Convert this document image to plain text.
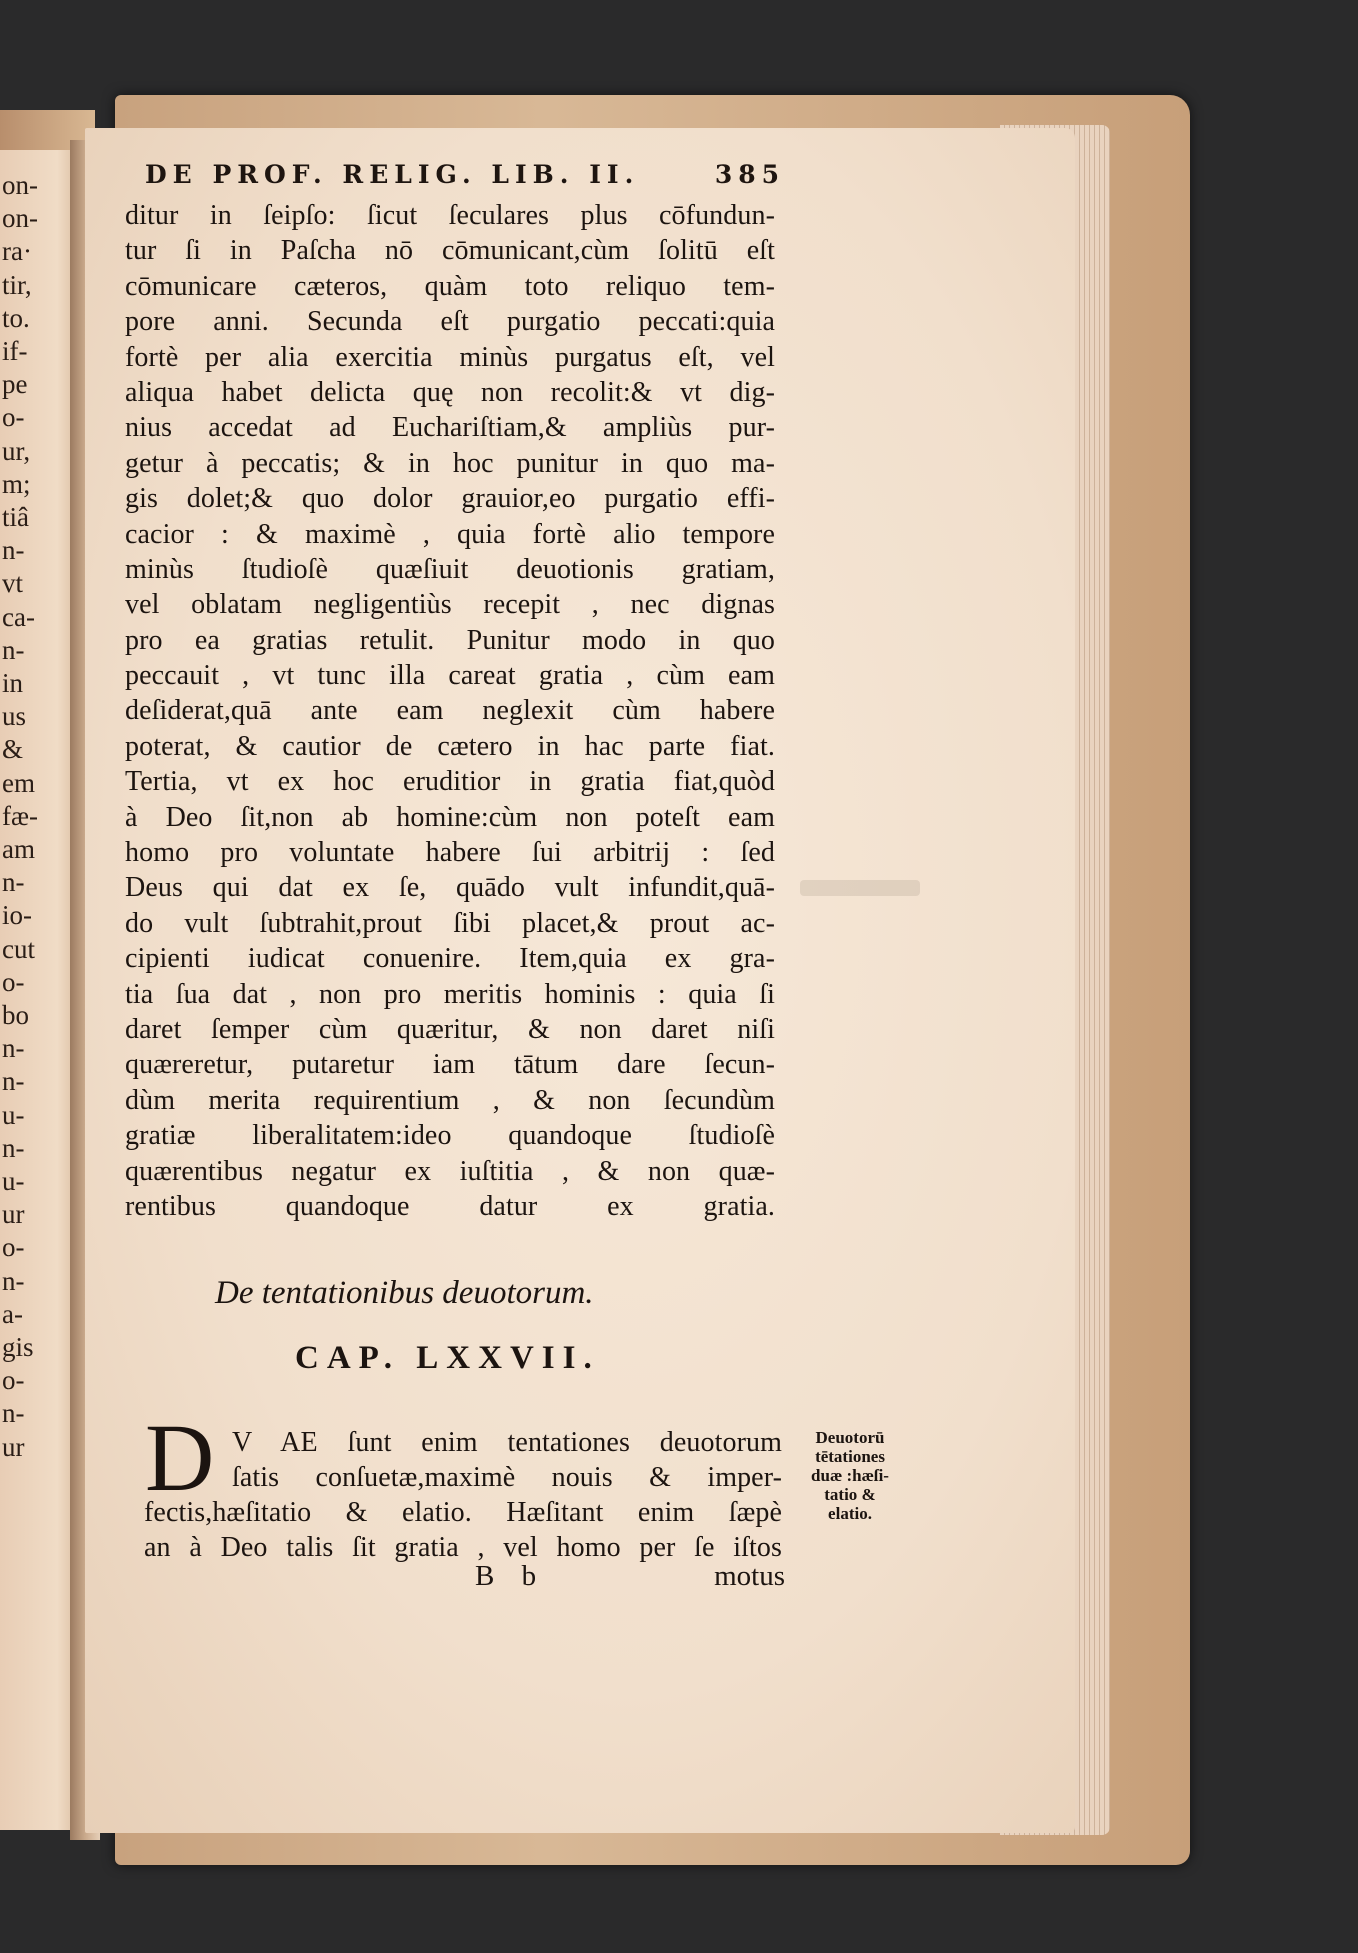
on-
on-
ra·
tir,
to.
if-
pe
o-
ur,
m;
tiâ
n-
vt
ca-
n-
in
us
&
em
fæ-
am
n-
io-
cut
o-
bo
n-
n-
u-
n-
u-
ur
o-
n-
a-
gis
o-
n-
ur
DE PROF. RELIG. LIB. II.	385
ditur in ſeipſo: ſicut ſeculares plus cōfundun-
tur ſi in Paſcha nō cōmunicant,cùm ſolitū eſt
cōmunicare cæteros, quàm toto reliquo tem-
pore anni. Secunda eſt purgatio peccati:quia
fortè per alia exercitia minùs purgatus eſt, vel
aliqua habet delicta quę non recolit:& vt dig-
nius accedat ad Euchariſtiam,& ampliùs pur-
getur à peccatis; & in hoc punitur in quo ma-
gis dolet;& quo dolor grauior,eo purgatio effi-
cacior : & maximè , quia fortè alio tempore
minùs ſtudioſè quæſiuit deuotionis gratiam,
vel oblatam negligentiùs recepit , nec dignas
pro ea gratias retulit. Punitur modo in quo
peccauit , vt tunc illa careat gratia , cùm eam
deſiderat,quā ante eam neglexit cùm habere
poterat, & cautior de cætero in hac parte fiat.
Tertia, vt ex hoc eruditior in gratia fiat,quòd
à Deo ſit,non ab homine:cùm non poteſt eam
homo pro voluntate habere ſui arbitrij : ſed
Deus qui dat ex ſe, quādo vult infundit,quā-
do vult ſubtrahit,prout ſibi placet,& prout ac-
cipienti iudicat conuenire. Item,quia ex gra-
tia ſua dat , non pro meritis hominis : quia ſi
daret ſemper cùm quæritur, & non daret niſi
quæreretur, putaretur iam tātum dare ſecun-
dùm merita requirentium , & non ſecundùm
gratiæ liberalitatem:ideo quandoque ſtudioſè
quærentibus negatur ex iuſtitia , & non quæ-
rentibus quandoque datur ex gratia.
De tentationibus deuotorum.
CAP. LXXVII.
D V AE ſunt enim tentationes deuotorum
ſatis conſuetæ,maximè nouis & imper-
fectis,hæſitatio & elatio. Hæſitant enim ſæpè
an à Deo talis ſit gratia , vel homo per ſe iſtos
Deuotorū
tētationes
duæ :hæſi-
tatio &
elatio.
B b	motus
